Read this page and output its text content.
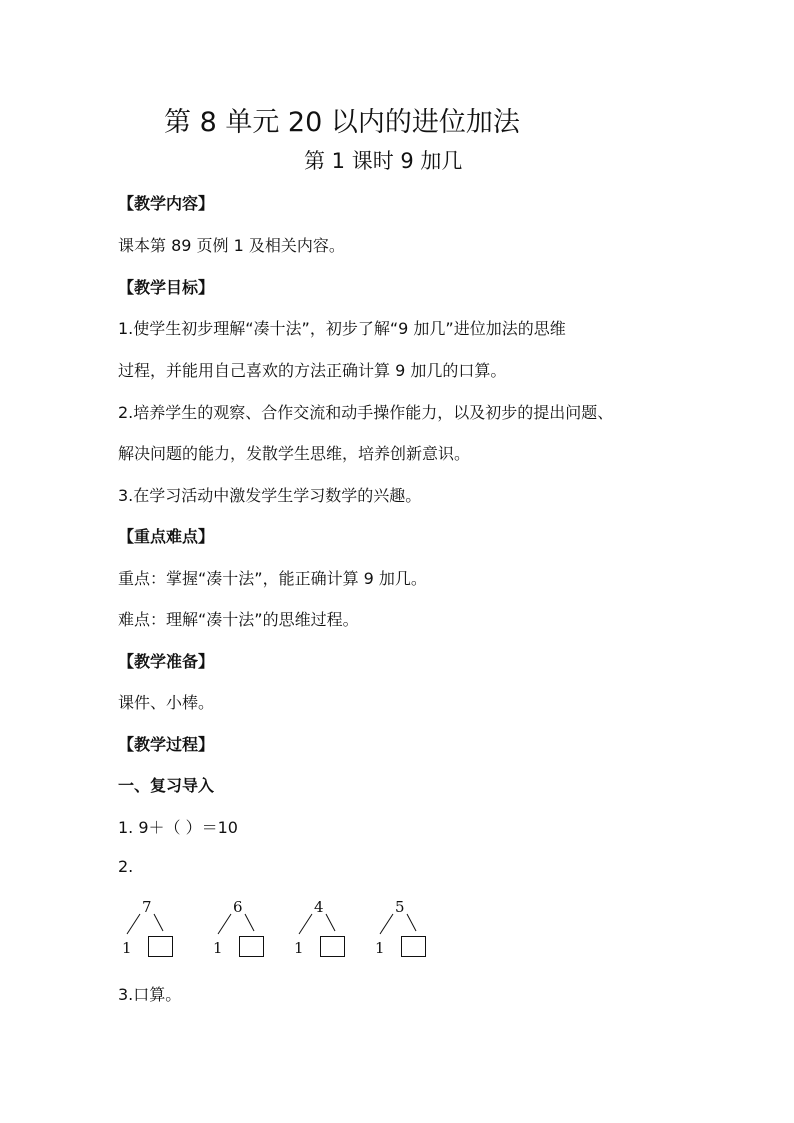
第 8 单元 20 以内的进位加法
第 1 课时 9 加几
【教学内容】
课本第 89 页例 1 及相关内容。
【教学目标】
1.使学生初步理解“凑十法”，初步了解“9 加几”进位加法的思维
过程，并能用自己喜欢的方法正确计算 9 加几的口算。
2.培养学生的观察、合作交流和动手操作能力，以及初步的提出问题、
解决问题的能力，发散学生思维，培养创新意识。
3.在学习活动中激发学生学习数学的兴趣。
【重点难点】
重点：掌握“凑十法”，能正确计算 9 加几。
难点：理解“凑十法”的思维过程。
【教学准备】
课件、小棒。
【教学过程】
一、复习导入
1. 9＋（ ）＝10
2.
7
1
6
1
4
1
5
1
3.口算。
